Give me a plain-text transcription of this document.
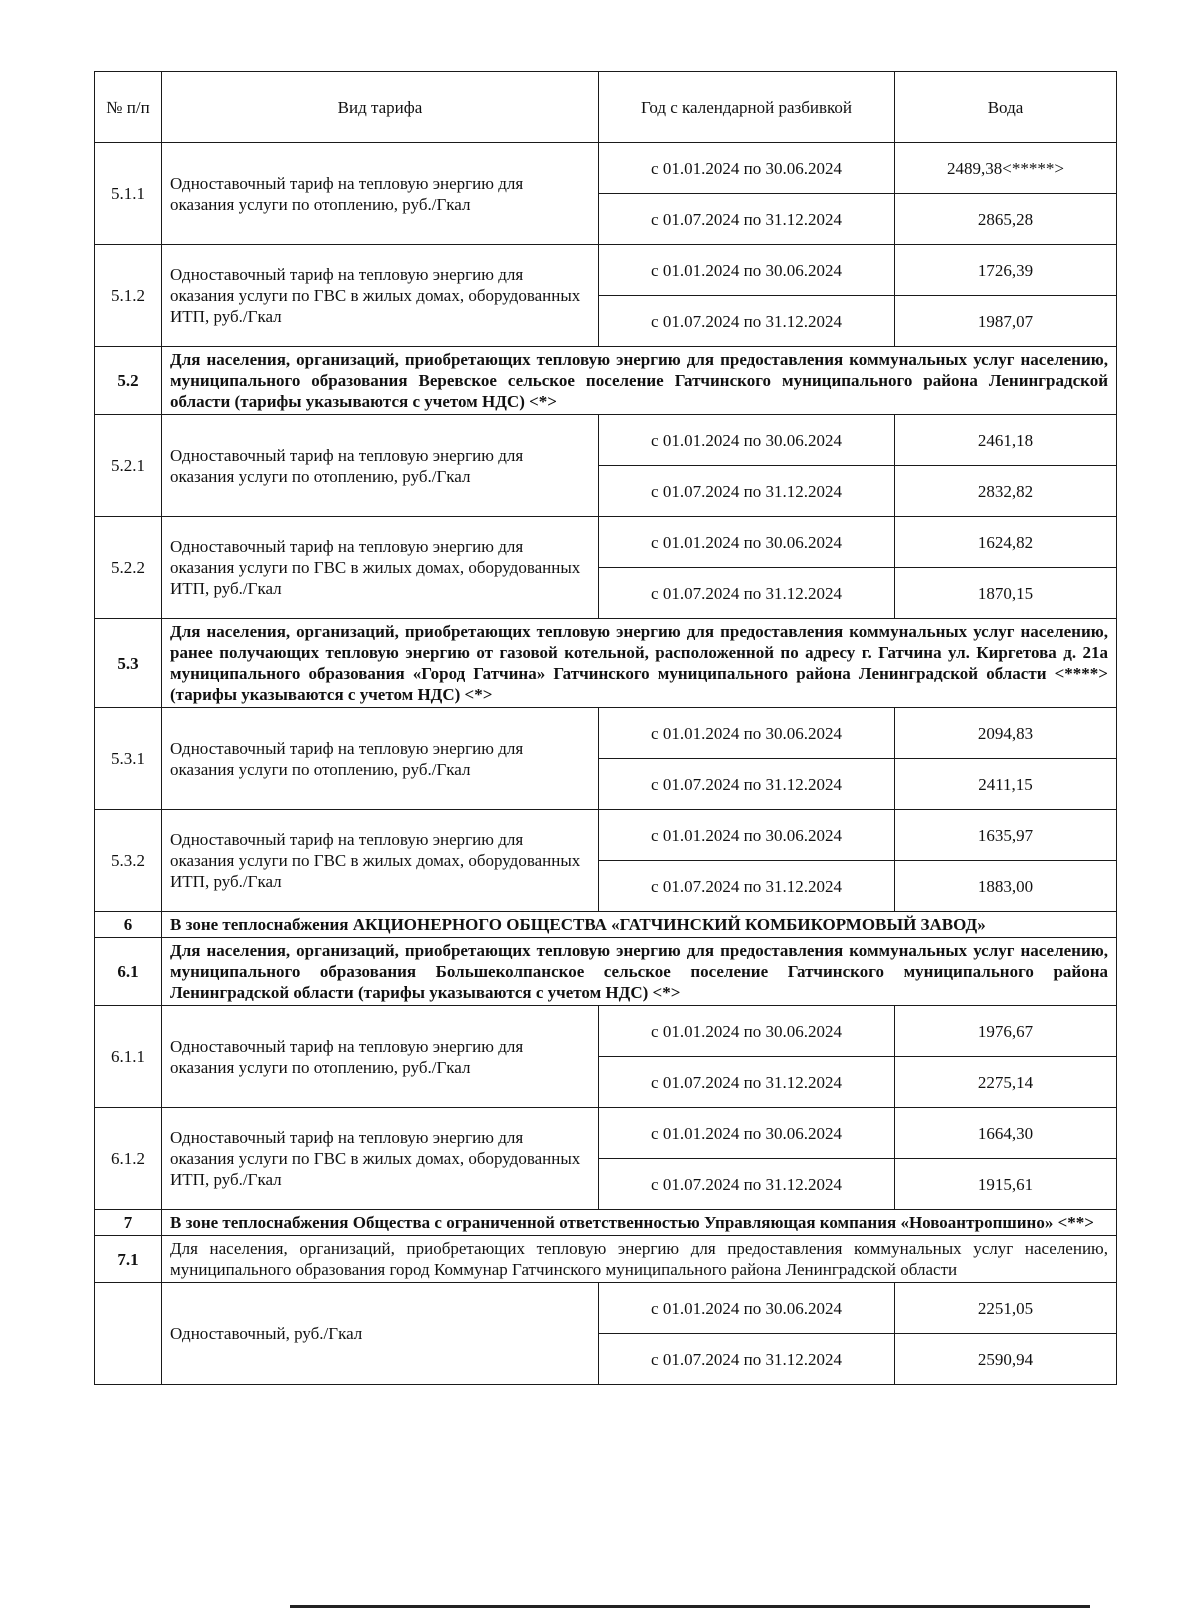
№ п/п	Вид тарифа	Год с календарной разбивкой	Вода
5.1.1	Одноставочный тариф на тепловую энергию для оказания услуги по отоплению, руб./Гкал	с 01.01.2024 по 30.06.2024	2489,38<*****>
		с 01.07.2024 по 31.12.2024	2865,28
5.1.2	Одноставочный тариф на тепловую энергию для оказания услуги по ГВС в жилых домах, оборудованных ИТП, руб./Гкал	с 01.01.2024 по 30.06.2024	1726,39
		с 01.07.2024 по 31.12.2024	1987,07
5.2	Для населения, организаций, приобретающих тепловую энергию для предоставления коммунальных услуг населению, муниципального образования Веревское сельское поселение Гатчинского муниципального района Ленинградской области (тарифы указываются с учетом НДС) <*>		
5.2.1	Одноставочный тариф на тепловую энергию для оказания услуги по отоплению, руб./Гкал	с 01.01.2024 по 30.06.2024	2461,18
		с 01.07.2024 по 31.12.2024	2832,82
5.2.2	Одноставочный тариф на тепловую энергию для оказания услуги по ГВС в жилых домах, оборудованных ИТП, руб./Гкал	с 01.01.2024 по 30.06.2024	1624,82
		с 01.07.2024 по 31.12.2024	1870,15
5.3	Для населения, организаций, приобретающих тепловую энергию для предоставления коммунальных услуг населению, ранее получающих тепловую энергию от газовой котельной, расположенной по адресу г. Гатчина ул. Киргетова д. 21а муниципального образования «Город Гатчина» Гатчинского муниципального района Ленинградской области <****> (тарифы указываются с учетом НДС) <*>		
5.3.1	Одноставочный тариф на тепловую энергию для оказания услуги по отоплению, руб./Гкал	с 01.01.2024 по 30.06.2024	2094,83
		с 01.07.2024 по 31.12.2024	2411,15
5.3.2	Одноставочный тариф на тепловую энергию для оказания услуги по ГВС в жилых домах, оборудованных ИТП, руб./Гкал	с 01.01.2024 по 30.06.2024	1635,97
		с 01.07.2024 по 31.12.2024	1883,00
6	В зоне теплоснабжения АКЦИОНЕРНОГО ОБЩЕСТВА «ГАТЧИНСКИЙ КОМБИКОРМОВЫЙ ЗАВОД»		
6.1	Для населения, организаций, приобретающих тепловую энергию для предоставления коммунальных услуг населению, муниципального образования Большеколпанское сельское поселение Гатчинского муниципального района Ленинградской области (тарифы указываются с учетом НДС) <*>		
6.1.1	Одноставочный тариф на тепловую энергию для оказания услуги по отоплению, руб./Гкал	с 01.01.2024 по 30.06.2024	1976,67
		с 01.07.2024 по 31.12.2024	2275,14
6.1.2	Одноставочный тариф на тепловую энергию для оказания услуги по ГВС в жилых домах, оборудованных ИТП, руб./Гкал	с 01.01.2024 по 30.06.2024	1664,30
		с 01.07.2024 по 31.12.2024	1915,61
7	В зоне теплоснабжения Общества с ограниченной ответственностью Управляющая компания «Новоантропшино» <**>		
7.1	Для населения, организаций, приобретающих тепловую энергию для предоставления коммунальных услуг населению, муниципального образования город Коммунар Гатчинского муниципального района Ленинградской области		
	Одноставочный, руб./Гкал	с 01.01.2024 по 30.06.2024	2251,05
		с 01.07.2024 по 31.12.2024	2590,94
